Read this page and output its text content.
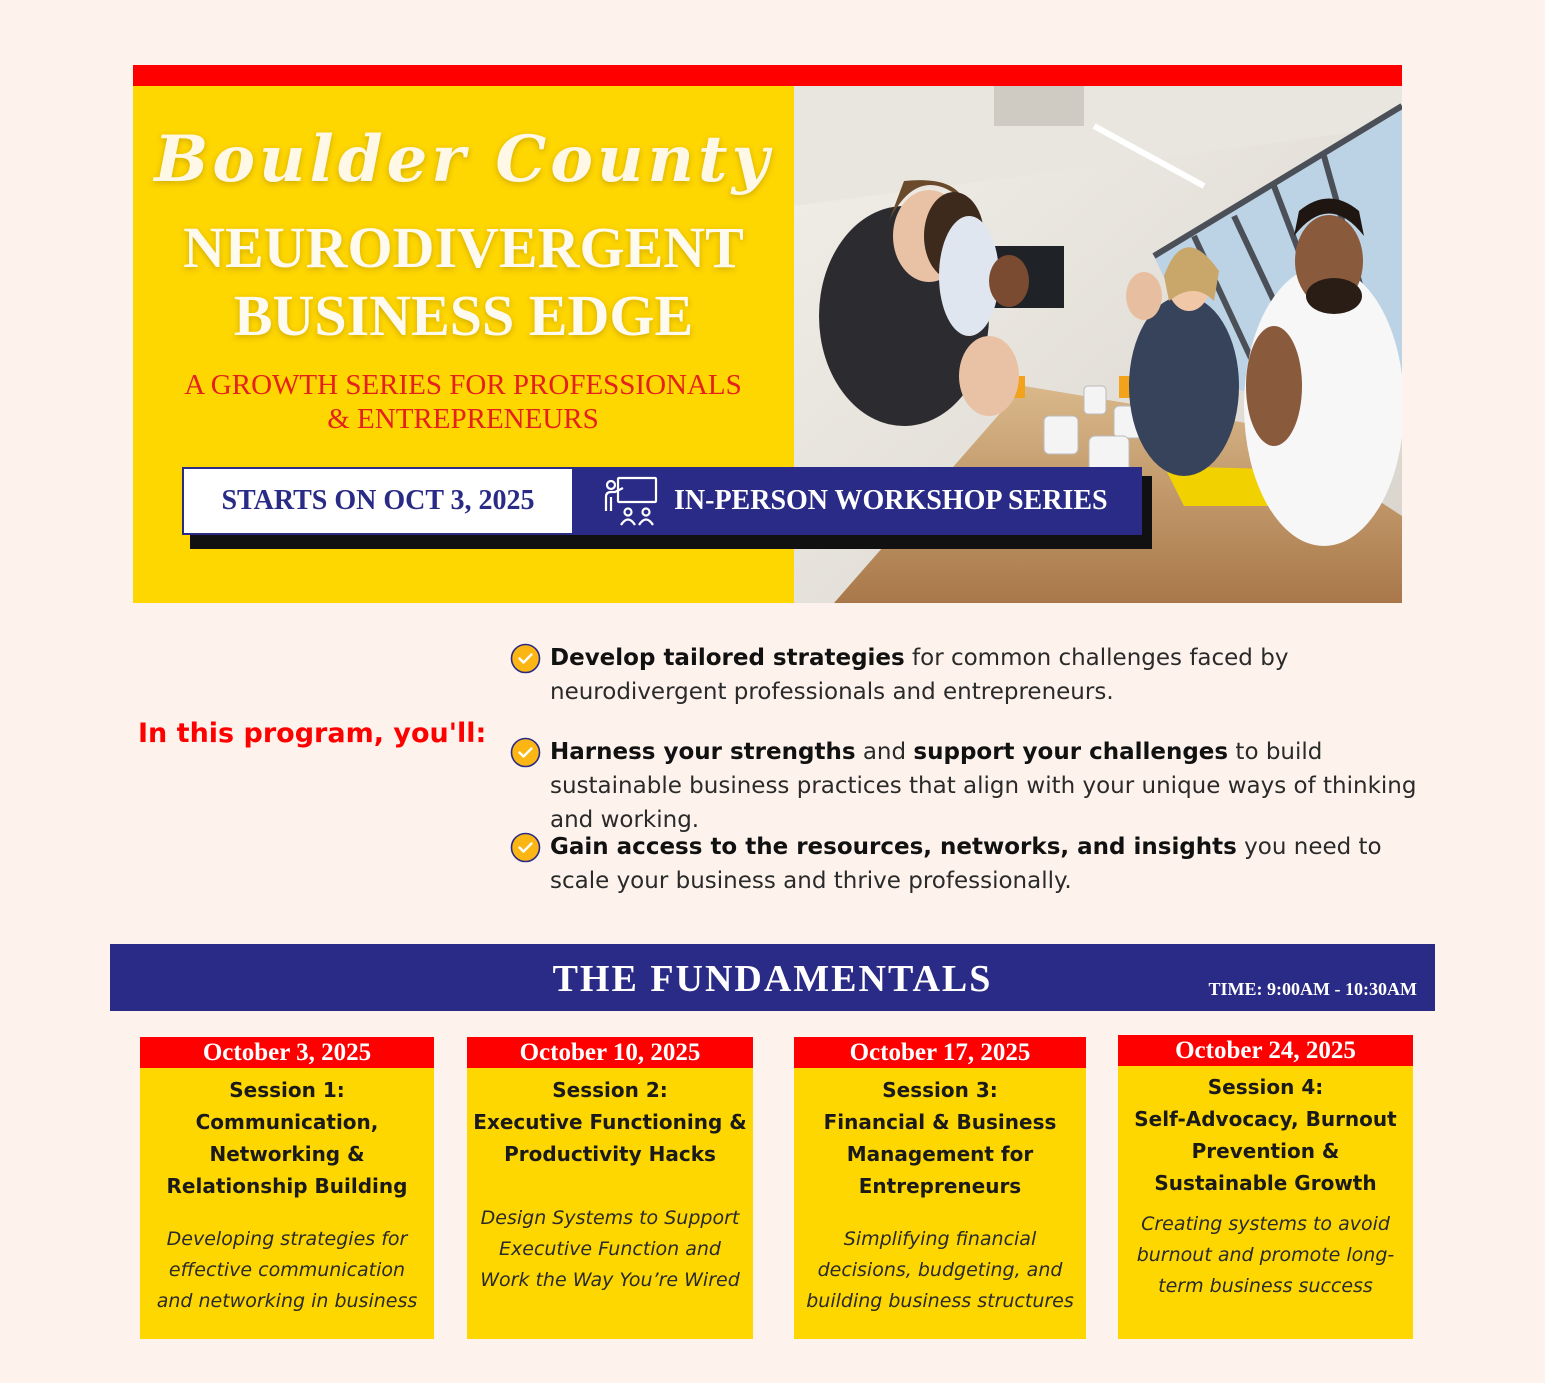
Boulder County
NEURODIVERGENT
BUSINESS EDGE
A GROWTH SERIES FOR PROFESSIONALS
& ENTREPRENEURS
STARTS ON OCT 3, 2025	IN-PERSON WORKSHOP SERIES
In this program, you'll:

Develop tailored strategies for common challenges faced by neurodivergent professionals and entrepreneurs.

Harness your strengths and support your challenges to build sustainable business practices that align with your unique ways of thinking and working.

Gain access to the resources, networks, and insights you need to scale your business and thrive professionally.

THE FUNDAMENTALS	TIME: 9:00AM - 10:30AM
October 3, 2025
Session 1:
Communication, Networking & Relationship Building
Developing strategies for effective communication and networking in business
October 10, 2025
Session 2:
Executive Functioning & Productivity Hacks
Design Systems to Support Executive Function and Work the Way You’re Wired
October 17, 2025
Session 3:
Financial & Business Management for Entrepreneurs
Simplifying financial decisions, budgeting, and building business structures
October 24, 2025
Session 4:
Self-Advocacy, Burnout Prevention & Sustainable Growth
Creating systems to avoid burnout and promote long-term business success
